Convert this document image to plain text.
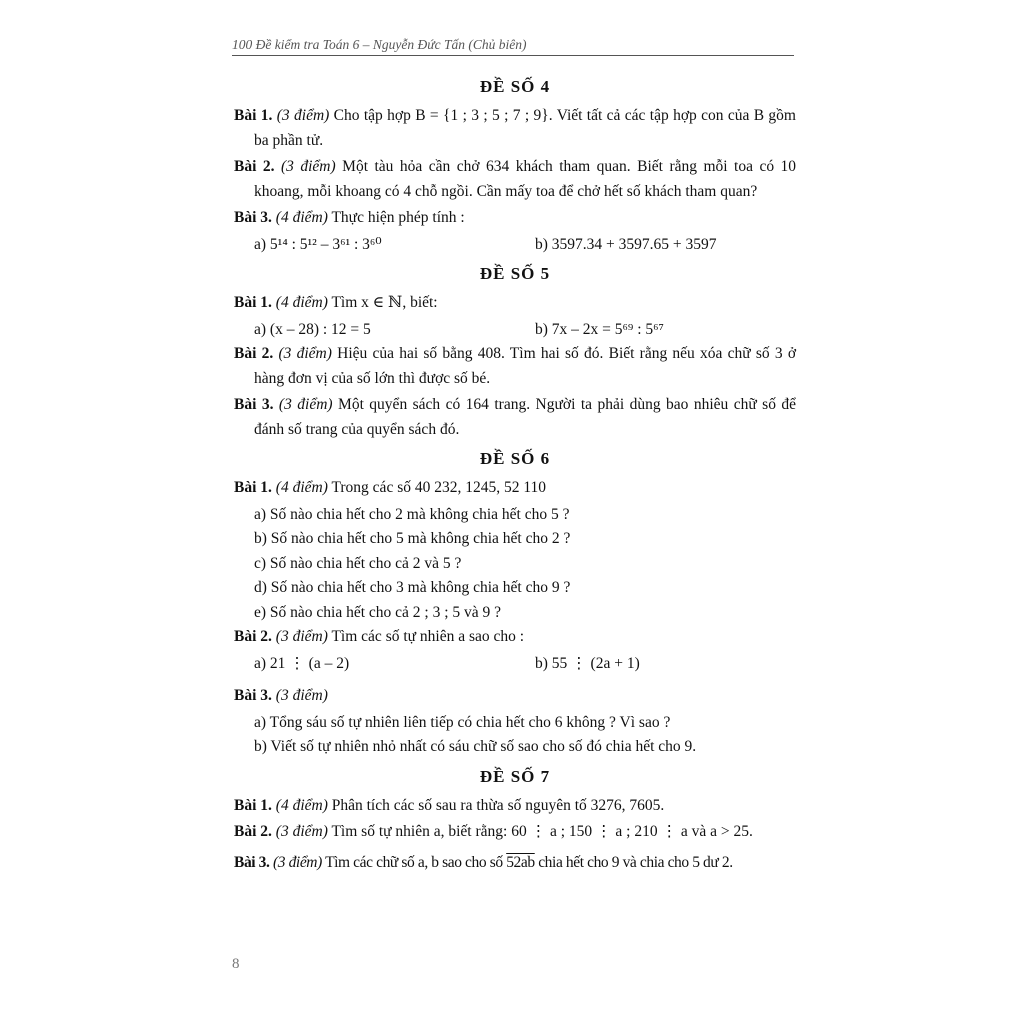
100 Đề kiểm tra Toán 6 – Nguyễn Đức Tấn (Chủ biên)
ĐỀ SỐ 4
Bài 1. (3 điểm) Cho tập hợp B = {1 ; 3 ; 5 ; 7 ; 9}. Viết tất cả các tập hợp con của B gồm ba phần tử.
Bài 2. (3 điểm) Một tàu hỏa cần chở 634 khách tham quan. Biết rằng mỗi toa có 10 khoang, mỗi khoang có 4 chỗ ngồi. Cần mấy toa để chở hết số khách tham quan?
Bài 3. (4 điểm) Thực hiện phép tính :
a) 5¹⁴ : 5¹² – 3⁶¹ : 3⁶⁰	b) 3597.34 + 3597.65 + 3597
ĐỀ SỐ 5
Bài 1. (4 điểm) Tìm x ∈ ℕ, biết:
a) (x – 28) : 12 = 5	b) 7x – 2x = 5⁶⁹ : 5⁶⁷
Bài 2. (3 điểm) Hiệu của hai số bằng 408. Tìm hai số đó. Biết rằng nếu xóa chữ số 3 ở hàng đơn vị của số lớn thì được số bé.
Bài 3. (3 điểm) Một quyển sách có 164 trang. Người ta phải dùng bao nhiêu chữ số để đánh số trang của quyển sách đó.
ĐỀ SỐ 6
Bài 1. (4 điểm) Trong các số 40 232, 1245, 52 110
a) Số nào chia hết cho 2 mà không chia hết cho 5 ?
b) Số nào chia hết cho 5 mà không chia hết cho 2 ?
c) Số nào chia hết cho cả 2 và 5 ?
d) Số nào chia hết cho 3 mà không chia hết cho 9 ?
e) Số nào chia hết cho cả 2 ; 3 ; 5 và 9 ?
Bài 2. (3 điểm) Tìm các số tự nhiên a sao cho :
a) 21 ⋮ (a – 2)	b) 55 ⋮ (2a + 1)
Bài 3. (3 điểm)
a) Tổng sáu số tự nhiên liên tiếp có chia hết cho 6 không ? Vì sao ?
b) Viết số tự nhiên nhỏ nhất có sáu chữ số sao cho số đó chia hết cho 9.
ĐỀ SỐ 7
Bài 1. (4 điểm) Phân tích các số sau ra thừa số nguyên tố 3276, 7605.
Bài 2. (3 điểm) Tìm số tự nhiên a, biết rằng: 60 ⋮ a ; 150 ⋮ a ; 210 ⋮ a và a > 25.
Bài 3. (3 điểm) Tìm các chữ số a, b sao cho số 52ab chia hết cho 9 và chia cho 5 dư 2.
8
